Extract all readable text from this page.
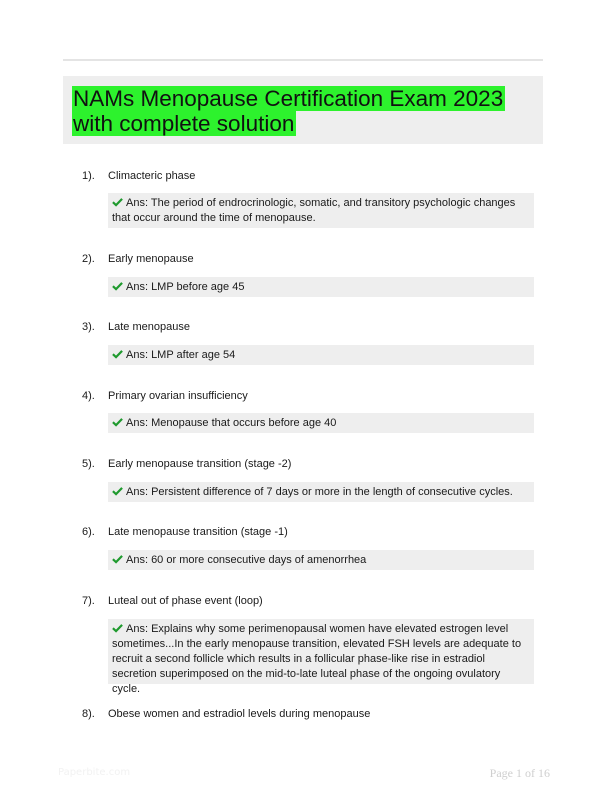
NAMs Menopause Certification Exam 2023 with complete solution
1). Climacteric phase
Ans: The period of endrocrinologic, somatic, and transitory psychologic changes that occur around the time of menopause.
2). Early menopause
Ans: LMP before age 45
3). Late menopause
Ans: LMP after age 54
4). Primary ovarian insufficiency
Ans: Menopause that occurs before age 40
5). Early menopause transition (stage -2)
Ans: Persistent difference of 7 days or more in the length of consecutive cycles.
6). Late menopause transition (stage -1)
Ans: 60 or more consecutive days of amenorrhea
7). Luteal out of phase event (loop)
Ans: Explains why some perimenopausal women have elevated estrogen level sometimes...In the early menopause transition, elevated FSH levels are adequate to recruit a second follicle which results in a follicular phase-like rise in estradiol secretion superimposed on the mid-to-late luteal phase of the ongoing ovulatory cycle.
8). Obese women and estradiol levels during menopause
Paperbite.com	Page 1 of 16
